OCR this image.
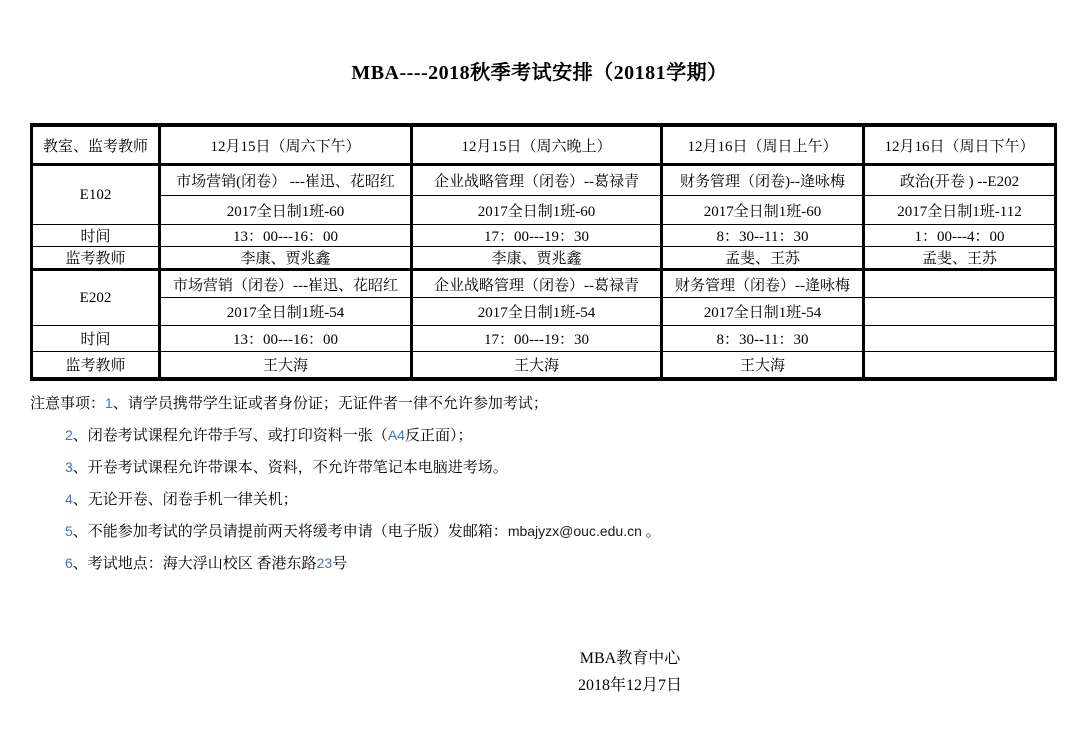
MBA----2018秋季考试安排（20181学期）
教室、监考教师	12月15日（周六下午）	12月15日（周六晚上）	12月16日（周日上午）	12月16日（周日下午）
E102	市场营销(闭卷） ---崔迅、花昭红	企业战略管理（闭卷）--葛禄青	财务管理（闭卷)--逄咏梅	政治(开卷 ) --E202
	2017全日制1班-60	2017全日制1班-60	2017全日制1班-60	2017全日制1班-112
时间	13：00---16：00	17：00---19：30	8：30--11：30	1：00---4：00
监考教师	李康、贾兆鑫	李康、贾兆鑫	孟斐、王苏	孟斐、王苏
E202	市场营销（闭卷）---崔迅、花昭红	企业战略管理（闭卷）--葛禄青	财务管理（闭卷）--逄咏梅	
	2017全日制1班-54	2017全日制1班-54	2017全日制1班-54	
时间	13：00---16：00	17：00---19：30	8：30--11：30	
监考教师	王大海	王大海	王大海	
注意事项：1、请学员携带学生证或者身份证；无证件者一律不允许参加考试；
2、闭卷考试课程允许带手写、或打印资料一张（A4反正面）；
3、开卷考试课程允许带课本、资料，不允许带笔记本电脑进考场。
4、无论开卷、闭卷手机一律关机；
5、不能参加考试的学员请提前两天将缓考申请（电子版）发邮箱：mbajyzx@ouc.edu.cn 。
6、考试地点：海大浮山校区 香港东路23号
MBA教育中心
2018年12月7日
